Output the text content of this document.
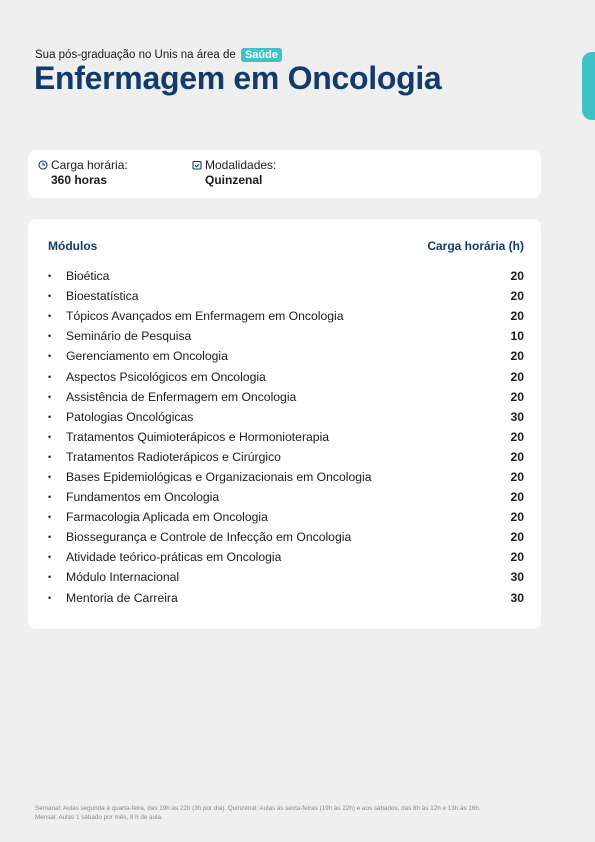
Sua pós-graduação no Unis na área de Saúde
Enfermagem em Oncologia
Carga horária:
360 horas
Modalidades:
Quinzenal
Módulos	Carga horária (h)
•	Bioética	20
•	Bioestatística	20
•	Tópicos Avançados em Enfermagem em Oncologia	20
•	Seminário de Pesquisa	10
•	Gerenciamento em Oncologia	20
•	Aspectos Psicológicos em Oncologia	20
•	Assistência de Enfermagem em Oncologia	20
•	Patologias Oncológicas	30
•	Tratamentos Quimioterápicos e Hormonioterapia	20
•	Tratamentos Radioterápicos e Cirúrgico	20
•	Bases Epidemiológicas e Organizacionais em Oncologia	20
•	Fundamentos em Oncologia	20
•	Farmacologia Aplicada em Oncologia	20
•	Biossegurança e Controle de Infecção em Oncologia	20
•	Atividade teórico-práticas em Oncologia	20
•	Módulo Internacional	30
•	Mentoria de Carreira	30
Semanal: Aulas segunda à quarta-feira, das 19h às 22h (3h por dia). Quinzenal: Aulas às sexta-feiras (19h às 22h) e aos sábados, das 8h às 12h e 13h às 16h.
Mensal: Aulas 1 sábado por mês, 8 h de aula.
